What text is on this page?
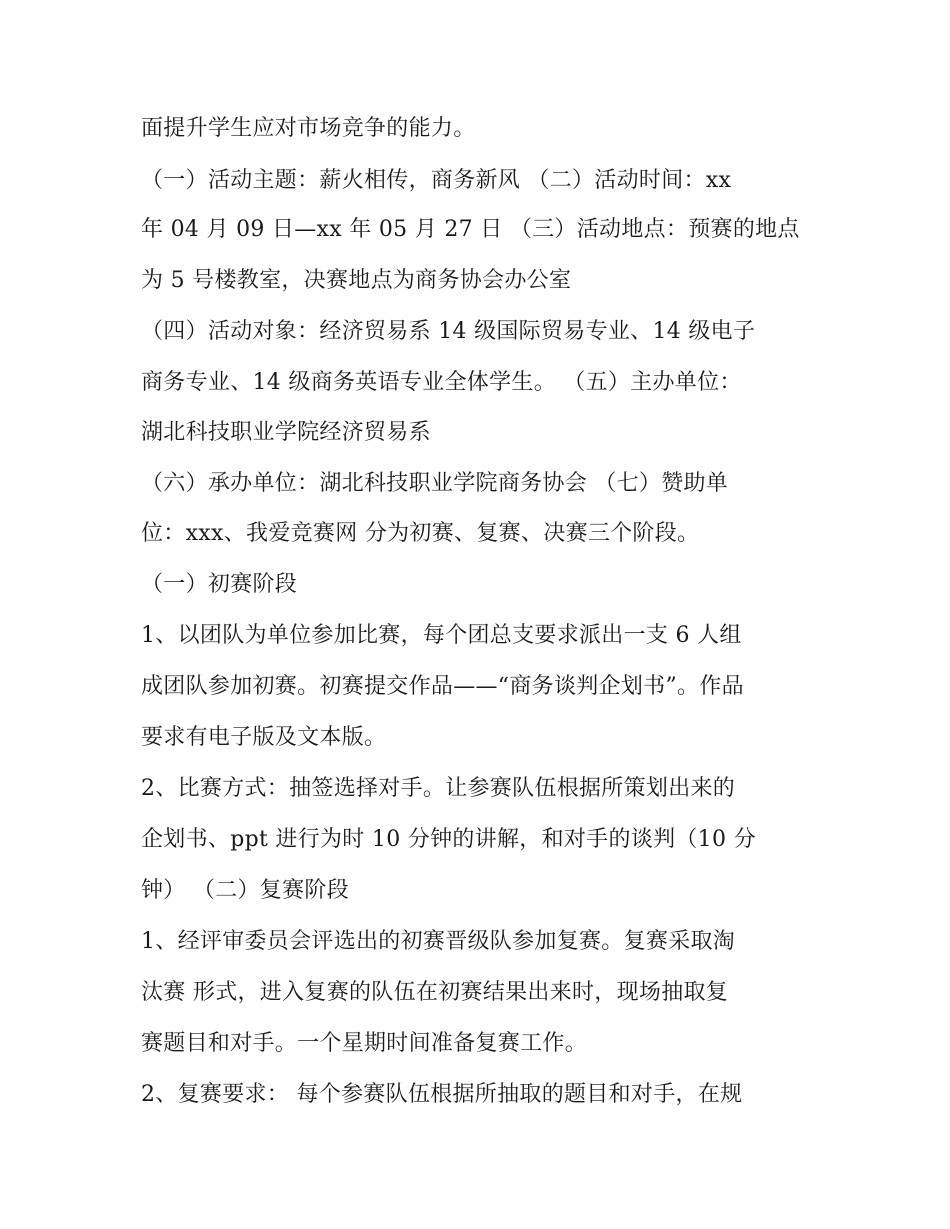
面提升学生应对市场竞争的能力。
（一）活动主题：薪火相传，商务新风 （二）活动时间：xx
年 04 月 09 日—xx 年 05 月 27 日 （三）活动地点：预赛的地点
为 5 号楼教室，决赛地点为商务协会办公室
（四）活动对象：经济贸易系 14 级国际贸易专业、14 级电子
商务专业、14 级商务英语专业全体学生。 （五）主办单位：
湖北科技职业学院经济贸易系
（六）承办单位：湖北科技职业学院商务协会 （七）赞助单
位：xxx、我爱竞赛网 分为初赛、复赛、决赛三个阶段。
（一）初赛阶段
1、以团队为单位参加比赛，每个团总支要求派出一支 6 人组
成团队参加初赛。初赛提交作品——“商务谈判企划书”。作品
要求有电子版及文本版。
2、比赛方式：抽签选择对手。让参赛队伍根据所策划出来的
企划书、ppt 进行为时 10 分钟的讲解，和对手的谈判（10 分
钟） （二）复赛阶段
1、经评审委员会评选出的初赛晋级队参加复赛。复赛采取淘
汰赛 形式，进入复赛的队伍在初赛结果出来时，现场抽取复
赛题目和对手。一个星期时间准备复赛工作。
2、复赛要求： 每个参赛队伍根据所抽取的题目和对手，在规
